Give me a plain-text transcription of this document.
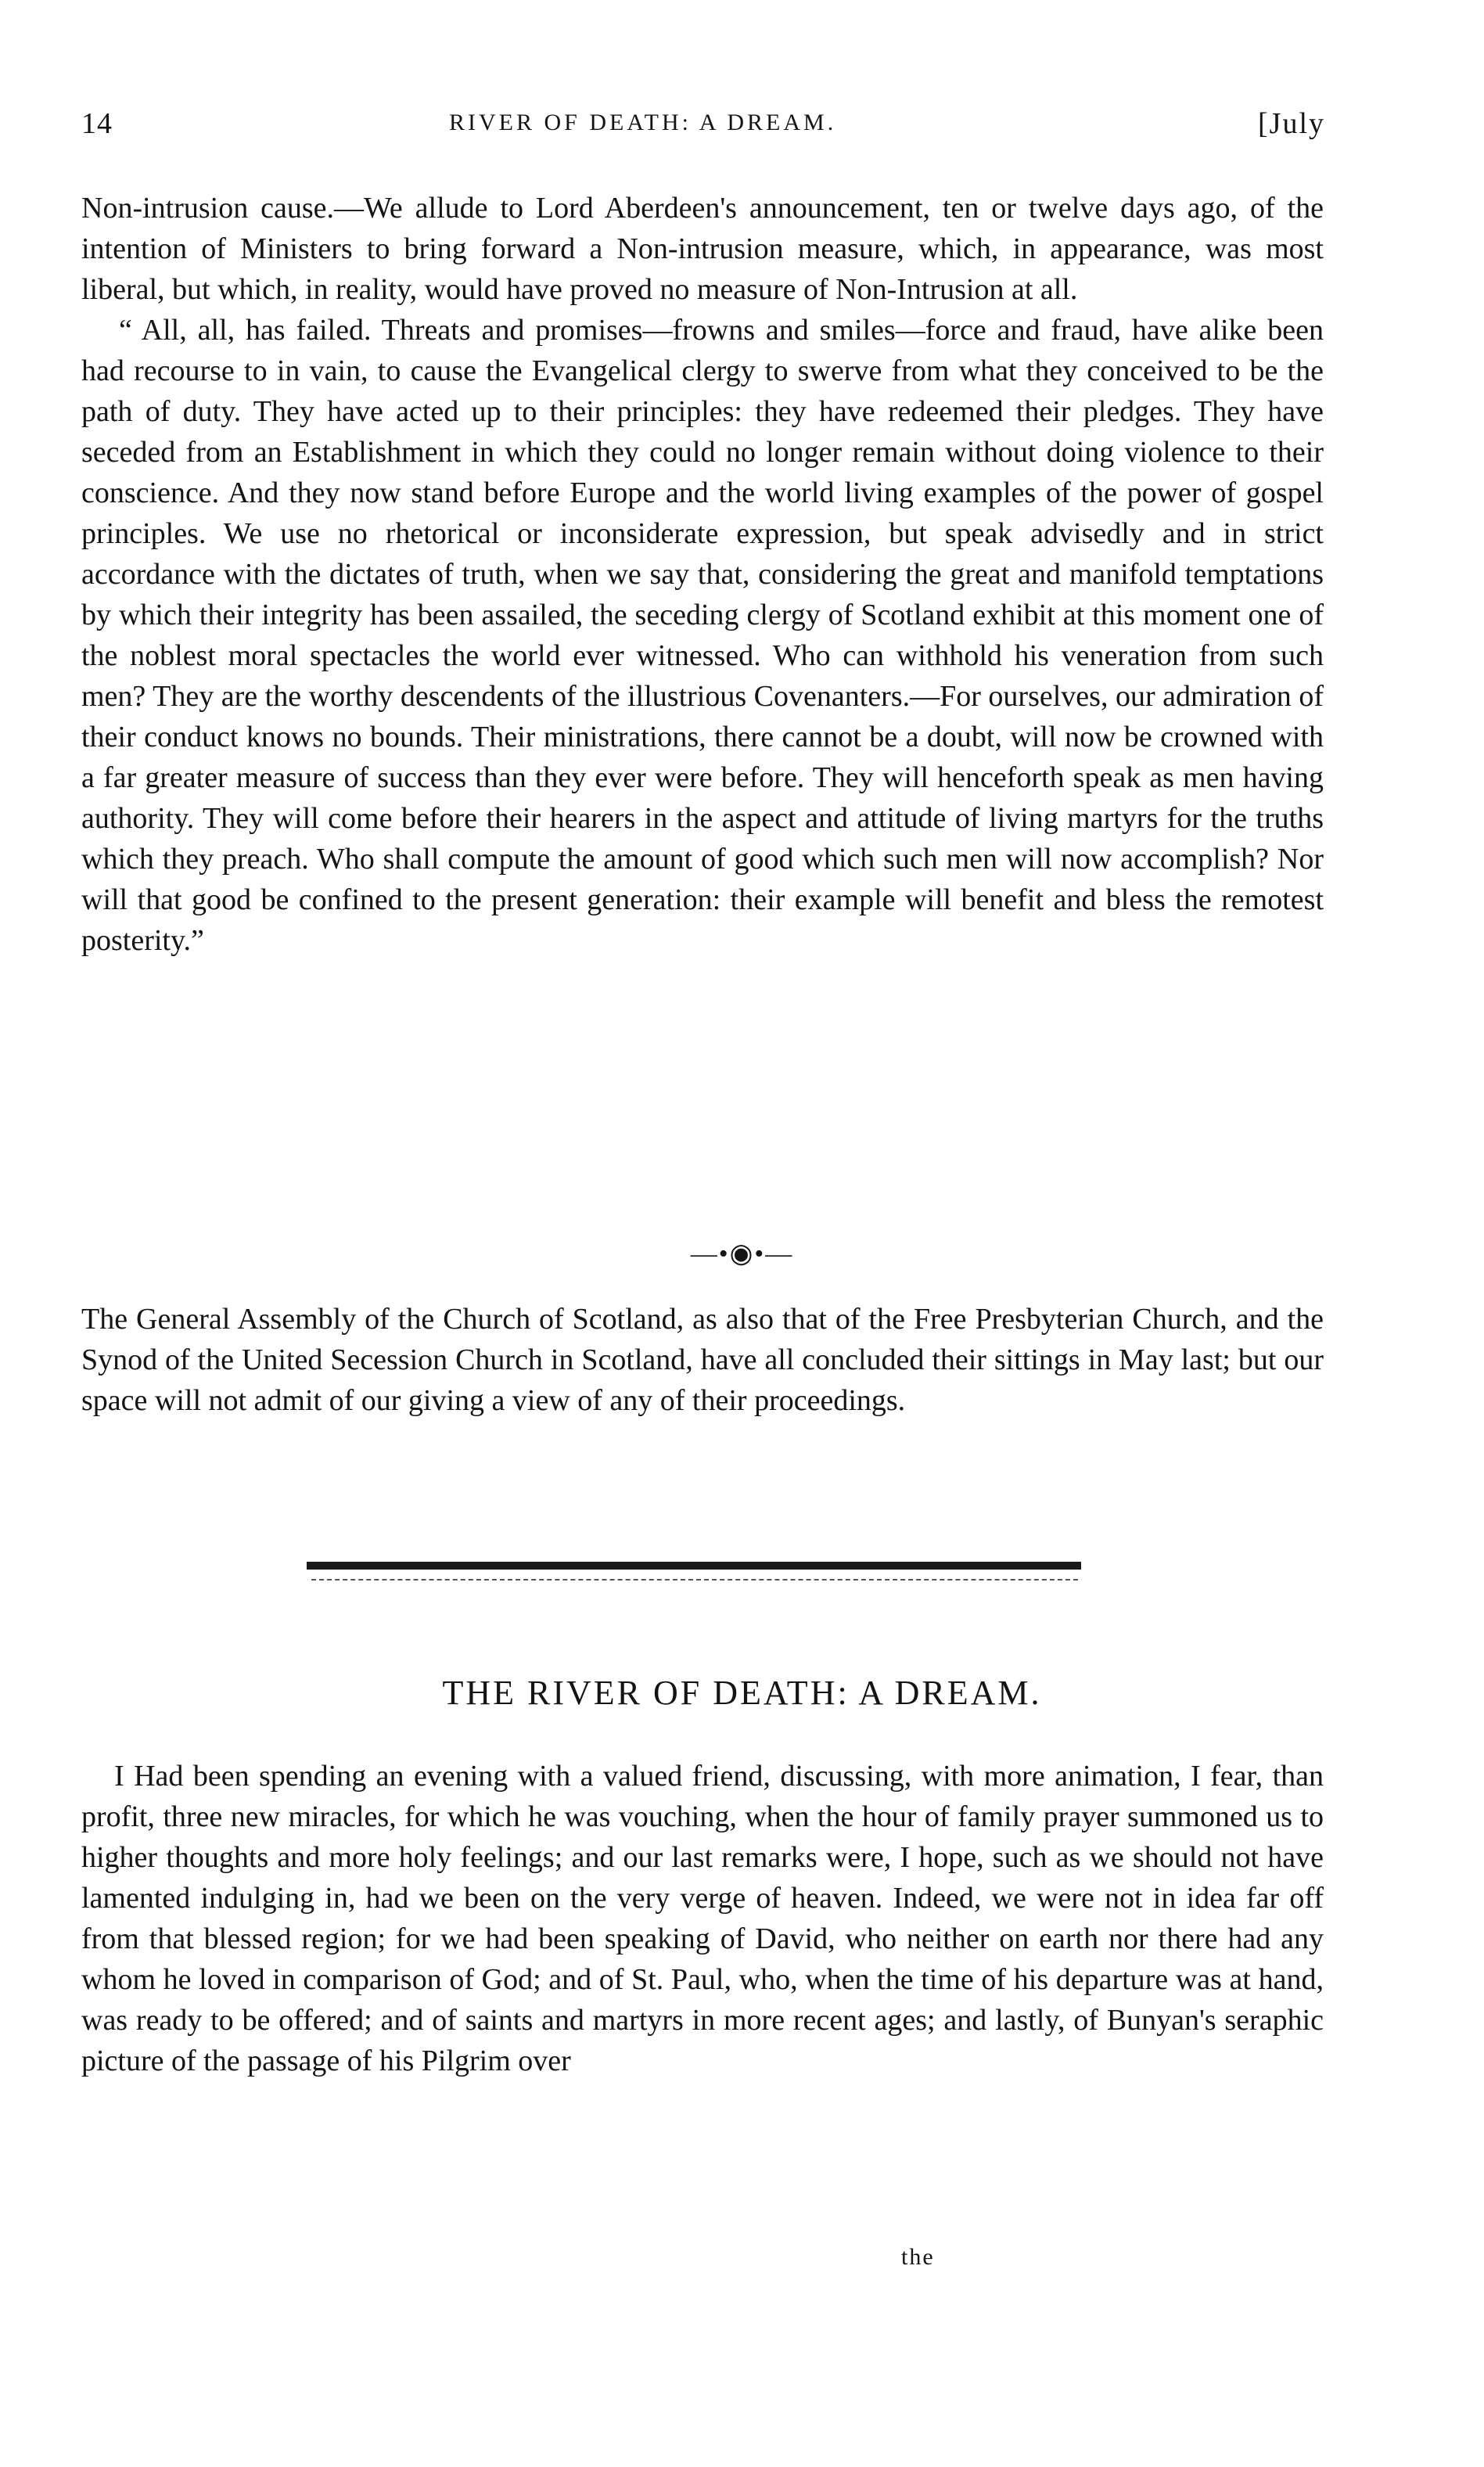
14	RIVER OF DEATH: A DREAM.	[July

Non-intrusion cause.—We allude to Lord Aberdeen's announcement, ten or twelve days ago, of the intention of Ministers to bring forward a Non-intrusion measure, which, in appearance, was most liberal, but which, in reality, would have proved no measure of Non-Intrusion at all.

“ All, all, has failed. Threats and promises—frowns and smiles—force and fraud, have alike been had recourse to in vain, to cause the Evangelical clergy to swerve from what they conceived to be the path of duty. They have acted up to their principles: they have redeemed their pledges. They have seceded from an Establishment in which they could no longer remain without doing violence to their conscience. And they now stand before Europe and the world living examples of the power of gospel principles. We use no rhetorical or inconsiderate expression, but speak advisedly and in strict accordance with the dictates of truth, when we say that, considering the great and manifold temptations by which their integrity has been assailed, the seceding clergy of Scotland exhibit at this moment one of the noblest moral spectacles the world ever witnessed. Who can withhold his veneration from such men? They are the worthy descendents of the illustrious Covenanters.—For ourselves, our admiration of their conduct knows no bounds. Their ministrations, there cannot be a doubt, will now be crowned with a far greater measure of success than they ever were before. They will henceforth speak as men having authority. They will come before their hearers in the aspect and attitude of living martyrs for the truths which they preach. Who shall compute the amount of good which such men will now accomplish? Nor will that good be confined to the present generation: their example will benefit and bless the remotest posterity.”

—•◉•—

The General Assembly of the Church of Scotland, as also that of the Free Presbyterian Church, and the Synod of the United Secession Church in Scotland, have all concluded their sittings in May last; but our space will not admit of our giving a view of any of their proceedings.

THE RIVER OF DEATH: A DREAM.

I Had been spending an evening with a valued friend, discussing, with more animation, I fear, than profit, three new miracles, for which he was vouching, when the hour of family prayer summoned us to higher thoughts and more holy feelings; and our last remarks were, I hope, such as we should not have lamented indulging in, had we been on the very verge of heaven. Indeed, we were not in idea far off from that blessed region; for we had been speaking of David, who neither on earth nor there had any whom he loved in comparison of God; and of St. Paul, who, when the time of his departure was at hand, was ready to be offered; and of saints and martyrs in more recent ages; and lastly, of Bunyan's seraphic picture of the passage of his Pilgrim over

the
